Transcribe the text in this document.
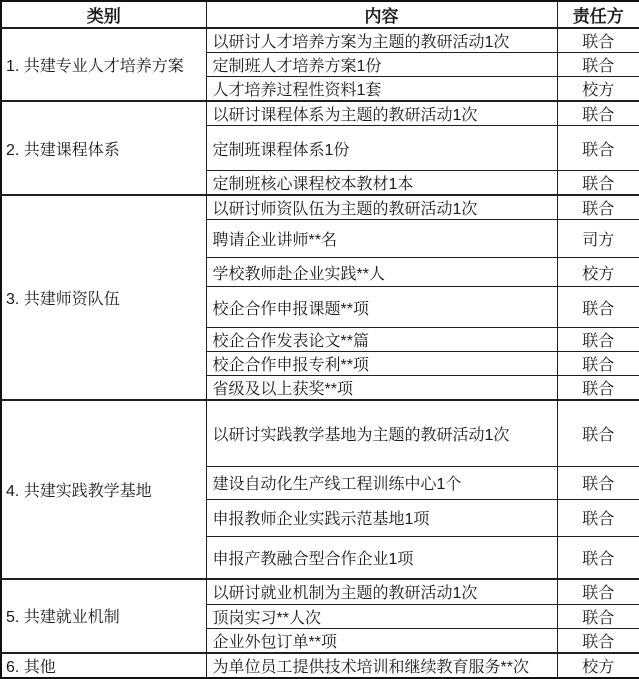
类别	内容	责任方
1. 共建专业人才培养方案	以研讨人才培养方案为主题的教研活动1次	联合
	定制班人才培养方案1份	联合
	人才培养过程性资料1套	校方
2. 共建课程体系	以研讨课程体系为主题的教研活动1次	联合
	定制班课程体系1份	联合
	定制班核心课程校本教材1本	联合
3. 共建师资队伍	以研讨师资队伍为主题的教研活动1次	联合
	聘请企业讲师**名	司方
	学校教师赴企业实践**人	校方
	校企合作申报课题**项	联合
	校企合作发表论文**篇	联合
	校企合作申报专利**项	联合
	省级及以上获奖**项	联合
4. 共建实践教学基地	以研讨实践教学基地为主题的教研活动1次	联合
	建设自动化生产线工程训练中心1个	联合
	申报教师企业实践示范基地1项	联合
	申报产教融合型合作企业1项	联合
5. 共建就业机制	以研讨就业机制为主题的教研活动1次	联合
	顶岗实习**人次	联合
	企业外包订单**项	联合
6. 其他	为单位员工提供技术培训和继续教育服务**次	校方
